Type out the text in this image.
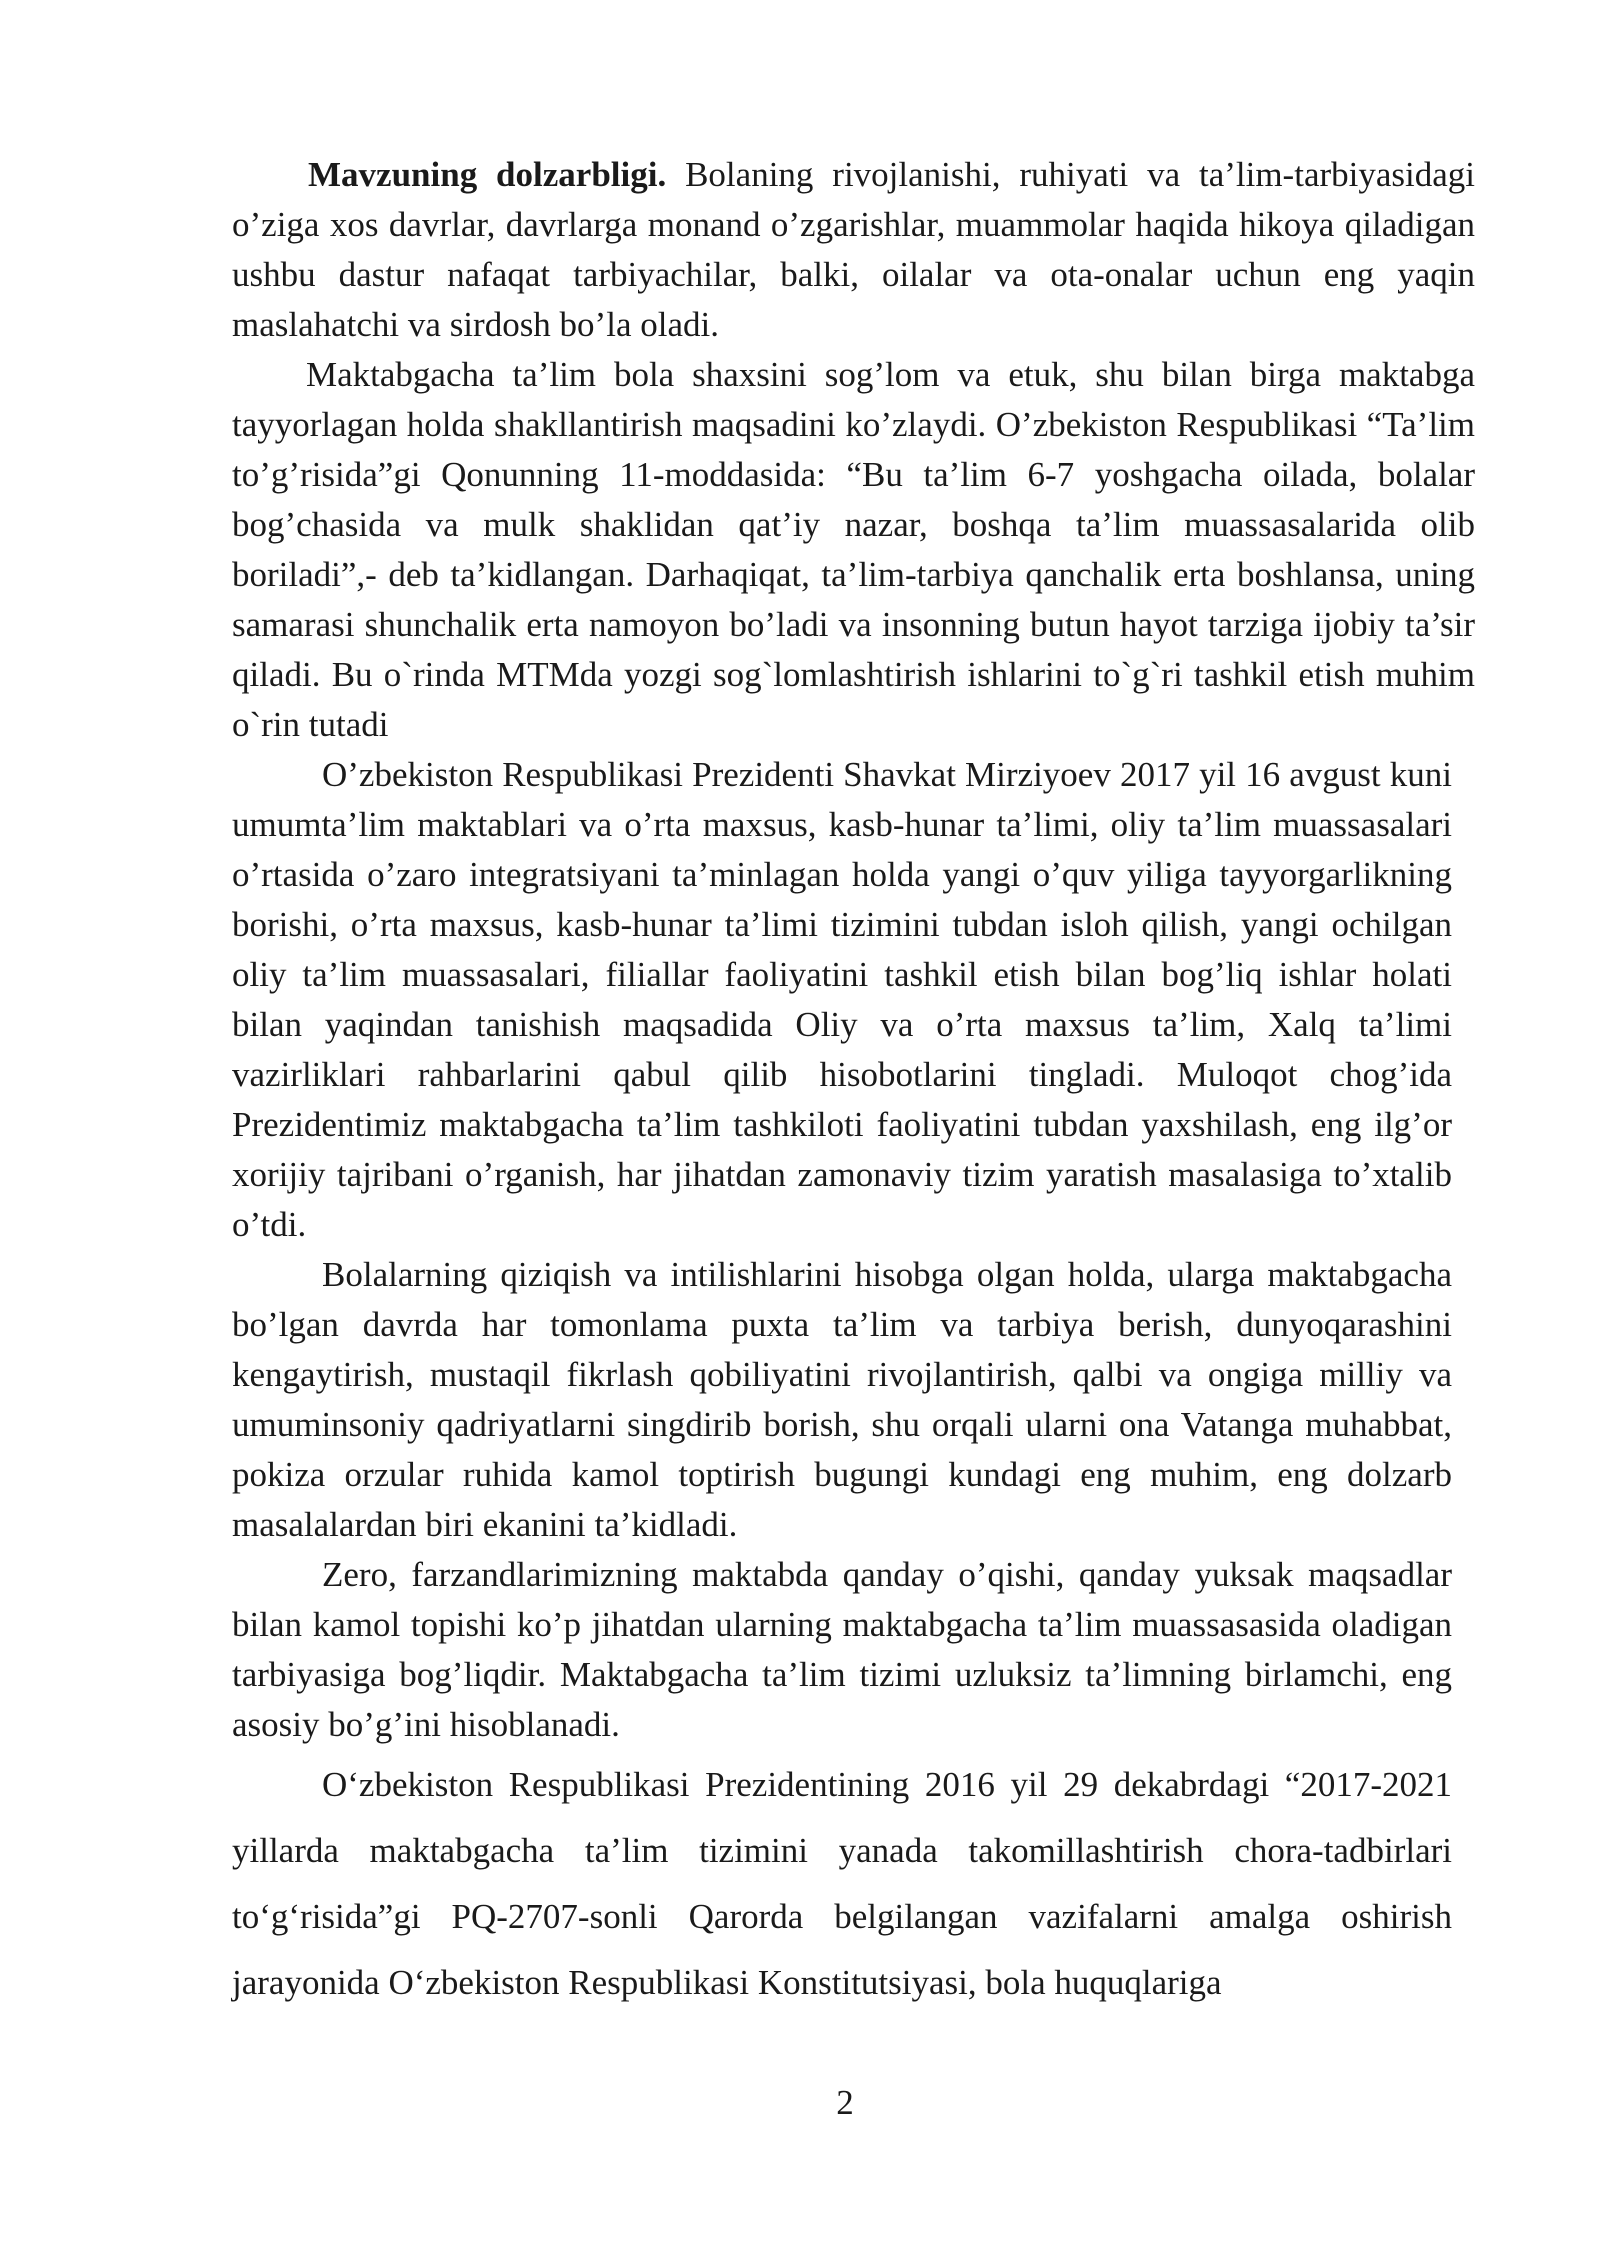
Mavzuning dolzarbligi. Bolaning rivojlanishi, ruhiyati va ta’lim-tarbiyasidagi o’ziga xos davrlar, davrlarga monand o’zgarishlar, muammolar haqida hikoya qiladigan ushbu dastur nafaqat tarbiyachilar, balki, oilalar va ota-onalar uchun eng yaqin maslahatchi va sirdosh bo’la oladi.

Maktabgacha ta’lim bola shaxsini sog’lom va etuk, shu bilan birga maktabga tayyorlagan holda shakllantirish maqsadini ko’zlaydi. O’zbekiston Respublikasi “Ta’lim to’g’risida”gi Qonunning 11-moddasida: “Bu ta’lim 6-7 yoshgacha oilada, bolalar bog’chasida va mulk shaklidan qat’iy nazar, boshqa ta’lim muassasalarida olib boriladi”,- deb ta’kidlangan. Darhaqiqat, ta’lim-tarbiya qanchalik erta boshlansa, uning samarasi shunchalik erta namoyon bo’ladi va insonning butun hayot tarziga ijobiy ta’sir qiladi. Bu o`rinda MTMda yozgi sog`lomlashtirish ishlarini to`g`ri tashkil etish muhim o`rin tutadi

O’zbekiston Respublikasi Prezidenti Shavkat Mirziyoev 2017 yil 16 avgust kuni umumta’lim maktablari va o’rta maxsus, kasb-hunar ta’limi, oliy ta’lim muassasalari o’rtasida o’zaro integratsiyani ta’minlagan holda yangi o’quv yiliga tayyorgarlikning borishi, o’rta maxsus, kasb-hunar ta’limi tizimini tubdan isloh qilish, yangi ochilgan oliy ta’lim muassasalari, filiallar faoliyatini tashkil etish bilan bog’liq ishlar holati bilan yaqindan tanishish maqsadida Oliy va o’rta maxsus ta’lim, Xalq ta’limi vazirliklari rahbarlarini qabul qilib hisobotlarini tingladi. Muloqot chog’ida Prezidentimiz maktabgacha ta’lim tashkiloti faoliyatini tubdan yaxshilash, eng ilg’or xorijiy tajribani o’rganish, har jihatdan zamonaviy tizim yaratish masalasiga to’xtalib o’tdi.

Bolalarning qiziqish va intilishlarini hisobga olgan holda, ularga maktabgacha bo’lgan davrda har tomonlama puxta ta’lim va tarbiya berish, dunyoqarashini kengaytirish, mustaqil fikrlash qobiliyatini rivojlantirish, qalbi va ongiga milliy va umuminsoniy qadriyatlarni singdirib borish, shu orqali ularni ona Vatanga muhabbat, pokiza orzular ruhida kamol toptirish bugungi kundagi eng muhim, eng dolzarb masalalardan biri ekanini ta’kidladi.

Zero, farzandlarimizning maktabda qanday o’qishi, qanday yuksak maqsadlar bilan kamol topishi ko’p jihatdan ularning maktabgacha ta’lim muassasasida oladigan tarbiyasiga bog’liqdir. Maktabgacha ta’lim tizimi uzluksiz ta’limning birlamchi, eng asosiy bo’g’ini hisoblanadi.

O‘zbekiston Respublikasi Prezidentining 2016 yil 29 dekabrdagi “2017-2021 yillarda maktabgacha ta’lim tizimini yanada takomillashtirish chora-tadbirlari to‘g‘risida”gi PQ-2707-sonli Qarorda belgilangan vazifalarni amalga oshirish jarayonida O‘zbekiston Respublikasi Konstitutsiyasi, bola huquqlariga

2
